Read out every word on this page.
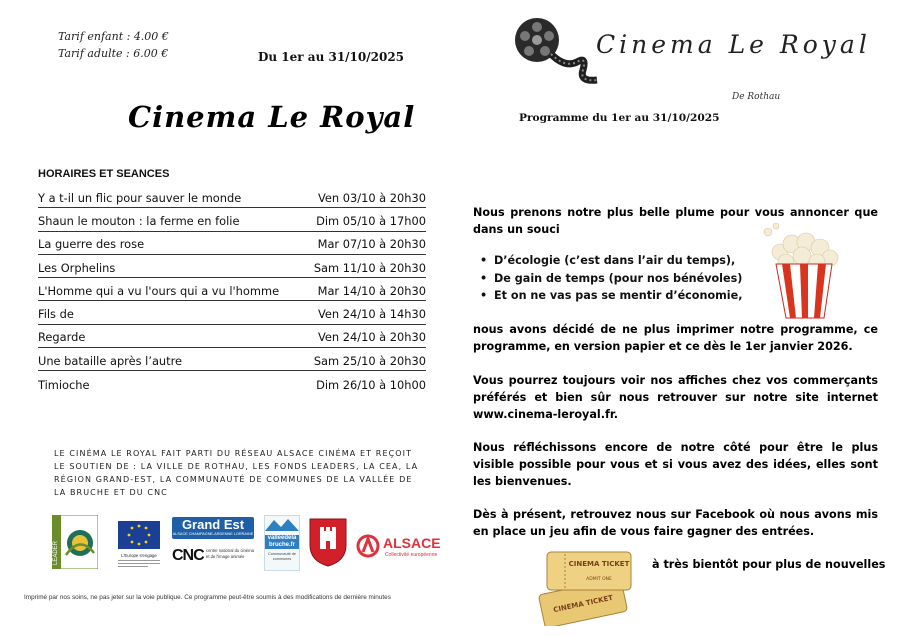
Tarif enfant : 4.00 €
Tarif adulte : 6.00 €	Du 1er au 31/10/2025
Cinema Le Royal
HORAIRES ET SEANCES
Y a t-il un flic pour sauver le monde	Ven 03/10 à 20h30
Shaun le mouton : la ferme en folie	Dim 05/10 à 17h00
La guerre des rose	Mar 07/10 à 20h30
Les Orphelins	Sam 11/10 à 20h30
L'Homme qui a vu l'ours qui a vu l'homme	Mar 14/10 à 20h30
Fils de	Ven 24/10 à 14h30
Regarde	Ven 24/10 à 20h30
Une bataille après l’autre	Sam 25/10 à 20h30
Timioche	Dim 26/10 à 10h00
LE CINÉMA LE ROYAL FAIT PARTI DU RÉSEAU ALSACE CINÉMA ET REÇOIT LE SOUTIEN DE : LA VILLE DE ROTHAU, LES FONDS LEADERS, LA CEA, LA RÉGION GRAND-EST, LA COMMUNAUTÉ DE COMMUNES DE LA VALLÉE DE LA BRUCHE ET DU CNC
LEADER	L'Europe s'engage
Grand Est
ALSACE CHAMPAGNE-ARDENNE LORRAINE
CNC centre national du cinéma et de l'image animée
valleedela bruche.fr
Communauté de communes
ALSACE
Collectivité européenne
Imprimé par nos soins, ne pas jeter sur la voie publique. Ce programme peut-être soumis à des modifications de dernière minutes
Cinema Le Royal
De Rothau
Programme du 1er au 31/10/2025
Nous prenons notre plus belle plume pour vous annoncer que dans un souci
• D’écologie (c’est dans l’air du temps),
• De gain de temps (pour nos bénévoles)
• Et on ne vas pas se mentir d’économie,
nous avons décidé de ne plus imprimer notre programme, ce programme, en version papier et ce dès le 1er janvier 2026.
Vous pourrez toujours voir nos affiches chez vos commerçants préférés et bien sûr nous retrouver sur notre site internet www.cinema-leroyal.fr.
Nous réfléchissons encore de notre côté pour être le plus visible possible pour vous et si vous avez des idées, elles sont les bienvenues.
Dès à présent, retrouvez nous sur Facebook où nous avons mis en place un jeu afin de vous faire gagner des entrées.
CINEMA TICKET
CINEMA TICKET
ADMIT ONE
à très bientôt pour plus de nouvelles
